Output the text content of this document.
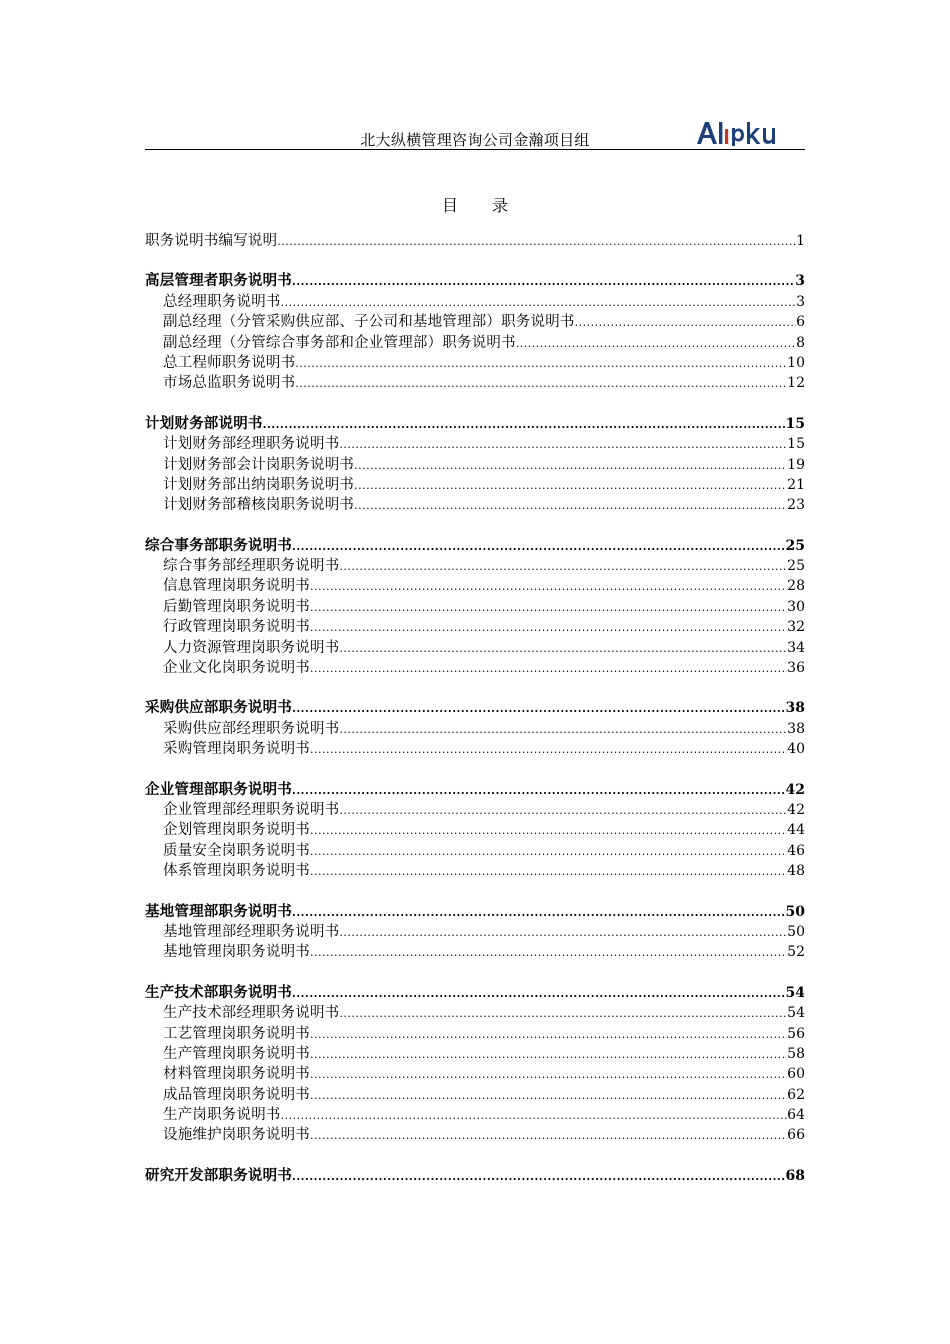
北大纵横管理咨询公司金瀚项目组
目 录
职务说明书编写说明 .....	1
高层管理者职务说明书 .....	3
总经理职务说明书 .....	3
副总经理（分管采购供应部、子公司和基地管理部）职务说明书 .....	6
副总经理（分管综合事务部和企业管理部）职务说明书 .....	8
总工程师职务说明书 .....	10
市场总监职务说明书 .....	12
计划财务部说明书 .....	15
计划财务部经理职务说明书 .....	15
计划财务部会计岗职务说明书 .....	19
计划财务部出纳岗职务说明书 .....	21
计划财务部稽核岗职务说明书 .....	23
综合事务部职务说明书 .....	25
综合事务部经理职务说明书 .....	25
信息管理岗职务说明书 .....	28
后勤管理岗职务说明书 .....	30
行政管理岗职务说明书 .....	32
人力资源管理岗职务说明书 .....	34
企业文化岗职务说明书 .....	36
采购供应部职务说明书 .....	38
采购供应部经理职务说明书 .....	38
采购管理岗职务说明书 .....	40
企业管理部职务说明书 .....	42
企业管理部经理职务说明书 .....	42
企划管理岗职务说明书 .....	44
质量安全岗职务说明书 .....	46
体系管理岗职务说明书 .....	48
基地管理部职务说明书 .....	50
基地管理部经理职务说明书 .....	50
基地管理岗职务说明书 .....	52
生产技术部职务说明书 .....	54
生产技术部经理职务说明书 .....	54
工艺管理岗职务说明书 .....	56
生产管理岗职务说明书 .....	58
材料管理岗职务说明书 .....	60
成品管理岗职务说明书 .....	62
生产岗职务说明书 .....	64
设施维护岗职务说明书 .....	66
研究开发部职务说明书 .....	68
